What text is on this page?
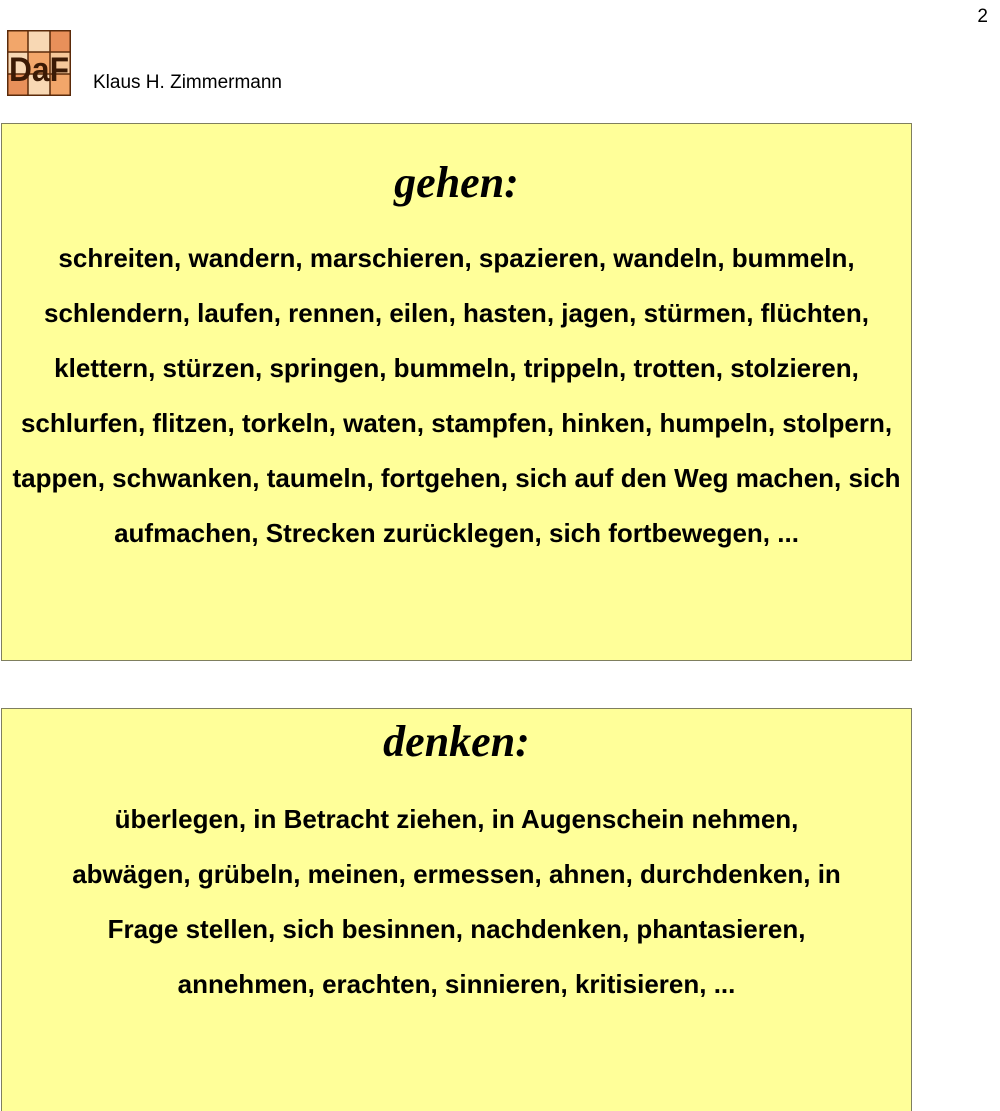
2
DaF Klaus H. Zimmermann
gehen:

schreiten, wandern, marschieren, spazieren, wandeln, bummeln, schlendern, laufen, rennen, eilen, hasten, jagen, stürmen, flüchten, klettern, stürzen, springen, bummeln, trippeln, trotten, stolzieren, schlurfen, flitzen, torkeln, waten, stampfen, hinken, humpeln, stolpern, tappen, schwanken, taumeln, fortgehen, sich auf den Weg machen, sich aufmachen, Strecken zurücklegen, sich fortbewegen, ...

denken:

überlegen, in Betracht ziehen, in Augenschein nehmen, abwägen, grübeln, meinen, ermessen, ahnen, durchdenken, in Frage stellen, sich besinnen, nachdenken, phantasieren, annehmen, erachten, sinnieren, kritisieren, ...
